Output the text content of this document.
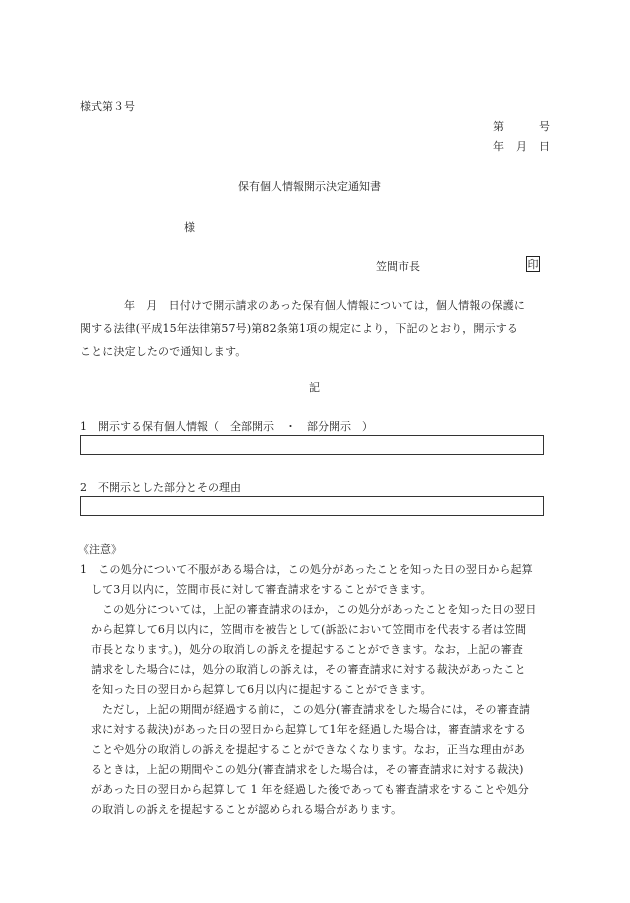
様式第３号
第	号
年 月 日
保有個人情報開示決定通知書
様
笠間市長	印
年　月　日付けで開示請求のあった保有個人情報については，個人情報の保護に
関する法律(平成15年法律第57号)第82条第1項の規定により，下記のとおり，開示する
ことに決定したので通知します。
記
1　開示する保有個人情報（　全部開示　・　部分開示　）
2　不開示とした部分とその理由
《注意》
1　この処分について不服がある場合は，この処分があったことを知った日の翌日から起算
して3月以内に，笠間市長に対して審査請求をすることができます。
この処分については，上記の審査請求のほか，この処分があったことを知った日の翌日
から起算して6月以内に，笠間市を被告として(訴訟において笠間市を代表する者は笠間
市長となります。)，処分の取消しの訴えを提起することができます。なお，上記の審査
請求をした場合には，処分の取消しの訴えは，その審査請求に対する裁決があったこと
を知った日の翌日から起算して6月以内に提起することができます。
ただし，上記の期間が経過する前に，この処分(審査請求をした場合には，その審査請
求に対する裁決)があった日の翌日から起算して1年を経過した場合は，審査請求をする
ことや処分の取消しの訴えを提起することができなくなります。なお，正当な理由があ
るときは，上記の期間やこの処分(審査請求をした場合は，その審査請求に対する裁決)
があった日の翌日から起算して 1 年を経過した後であっても審査請求をすることや処分
の取消しの訴えを提起することが認められる場合があります。
